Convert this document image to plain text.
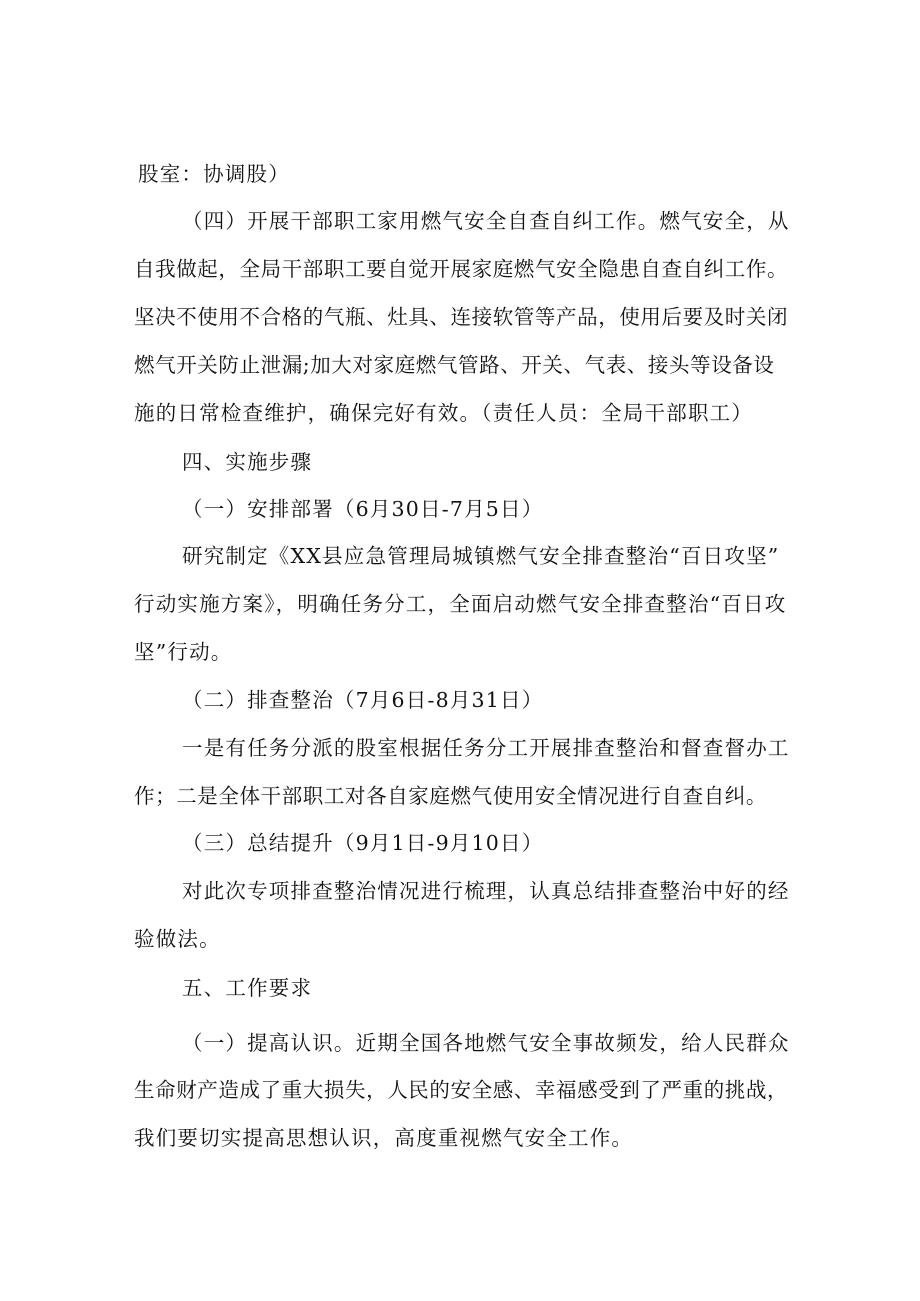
股室：协调股）
（四）开展干部职工家用燃气安全自查自纠工作。燃气安全，从
自我做起，全局干部职工要自觉开展家庭燃气安全隐患自查自纠工作。
坚决不使用不合格的气瓶、灶具、连接软管等产品，使用后要及时关闭
燃气开关防止泄漏;加大对家庭燃气管路、开关、气表、接头等设备设
施的日常检查维护，确保完好有效。（责任人员：全局干部职工）
四、实施步骤
（一）安排部署（6月30日-7月5日）
研究制定《XX县应急管理局城镇燃气安全排查整治“百日攻坚”
行动实施方案》，明确任务分工，全面启动燃气安全排查整治“百日攻
坚”行动。
（二）排查整治（7月6日-8月31日）
一是有任务分派的股室根据任务分工开展排查整治和督查督办工
作；二是全体干部职工对各自家庭燃气使用安全情况进行自查自纠。
（三）总结提升（9月1日-9月10日）
对此次专项排查整治情况进行梳理，认真总结排查整治中好的经
验做法。
五、工作要求
（一）提高认识。近期全国各地燃气安全事故频发，给人民群众
生命财产造成了重大损失，人民的安全感、幸福感受到了严重的挑战，
我们要切实提高思想认识，高度重视燃气安全工作。
